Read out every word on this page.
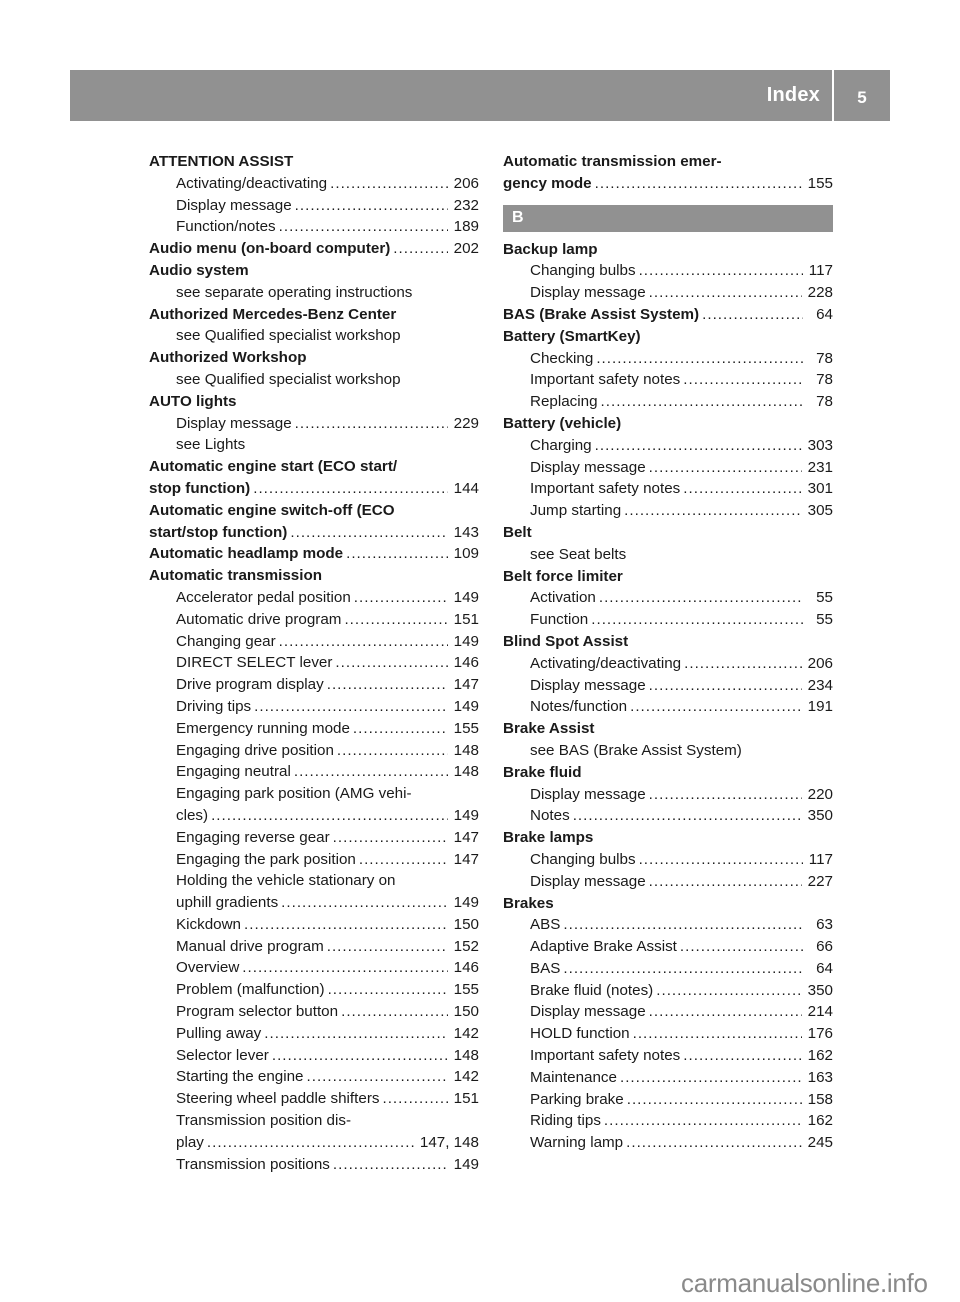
Index	5
ATTENTION ASSIST
Activating/deactivating .....	206
Display message .....	232
Function/notes .....	189
Audio menu (on-board computer) .....	202
Audio system
see separate operating instructions
Authorized Mercedes-Benz Center
see Qualified specialist workshop
Authorized Workshop
see Qualified specialist workshop
AUTO lights
Display message .....	229
see Lights
Automatic engine start (ECO start/
stop function) .....	144
Automatic engine switch-off (ECO
start/stop function) .....	143
Automatic headlamp mode .....	109
Automatic transmission
Accelerator pedal position .....	149
Automatic drive program .....	151
Changing gear .....	149
DIRECT SELECT lever .....	146
Drive program display .....	147
Driving tips .....	149
Emergency running mode .....	155
Engaging drive position .....	148
Engaging neutral .....	148
Engaging park position (AMG vehi-
cles) .....	149
Engaging reverse gear .....	147
Engaging the park position .....	147
Holding the vehicle stationary on
uphill gradients .....	149
Kickdown .....	150
Manual drive program .....	152
Overview .....	146
Problem (malfunction) .....	155
Program selector button .....	150
Pulling away .....	142
Selector lever .....	148
Starting the engine .....	142
Steering wheel paddle shifters .....	151
Transmission position dis-
play .....	147, 148
Transmission positions .....	149
Automatic transmission emer-
gency mode .....	155
B
Backup lamp
Changing bulbs .....	117
Display message .....	228
BAS (Brake Assist System) .....	64
Battery (SmartKey)
Checking .....	78
Important safety notes .....	78
Replacing .....	78
Battery (vehicle)
Charging .....	303
Display message .....	231
Important safety notes .....	301
Jump starting .....	305
Belt
see Seat belts
Belt force limiter
Activation .....	55
Function .....	55
Blind Spot Assist
Activating/deactivating .....	206
Display message .....	234
Notes/function .....	191
Brake Assist
see BAS (Brake Assist System)
Brake fluid
Display message .....	220
Notes .....	350
Brake lamps
Changing bulbs .....	117
Display message .....	227
Brakes
ABS .....	63
Adaptive Brake Assist .....	66
BAS .....	64
Brake fluid (notes) .....	350
Display message .....	214
HOLD function .....	176
Important safety notes .....	162
Maintenance .....	163
Parking brake .....	158
Riding tips .....	162
Warning lamp .....	245
carmanualsonline.info
